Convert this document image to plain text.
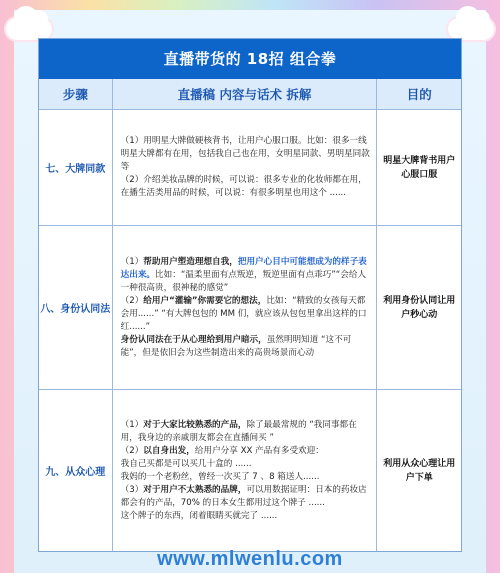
直播带货的 18招 组合拳
步骤	直播稿 内容与话术 拆解	目的
七、大牌同款
（1）用明星大牌做硬核背书，让用户心服口服。比如：很多一线明星大牌都有在用，包括我自己也在用，女明星同款、男明星同款等
（2）介绍美妆品牌的时候，可以说：很多专业的化妆师都在用，在播生活类用品的时候，可以说：有很多明星也用这个 ......
明星大牌背书用户心服口服
八、身份认同法
（1）帮助用户塑造理想自我，把用户心目中可能想成为的样子表达出来。比如：“温柔里面有点叛逆，叛逆里面有点乖巧”“会给人一种很高贵，很神秘的感觉”
（2）给用户“灌输”你需要它的想法，比如：“精致的女孩每天都会用......” “有大牌包包的 MM 们，就应该从包包里拿出这样的口红......”
身份认同法在于从心理给到用户暗示，虽然明明知道 “这不可能”，但是依旧会为这些制造出来的高贵场景而心动
利用身份认同让用户秒心动
九、从众心理
（1）对于大家比较熟悉的产品，除了最最常规的 “我同事都在用，我身边的亲戚朋友都会在直播间买 ”
（2）以自身出发，给用户分享 XX 产品有多受欢迎：
我自己买都是可以买几十盒的 ......
我妈的一个老粉丝，曾经一次买了 7 、8 箱送人......
（3）对于用户不太熟悉的品牌，可以用数据证明：日本的药妆店都会有的产品，70% 的日本女生都用过这个牌子 ......
这个牌子的东西，闭着眼睛买就完了 ......
利用从众心理让用户下单
www.mlwenlu.com
